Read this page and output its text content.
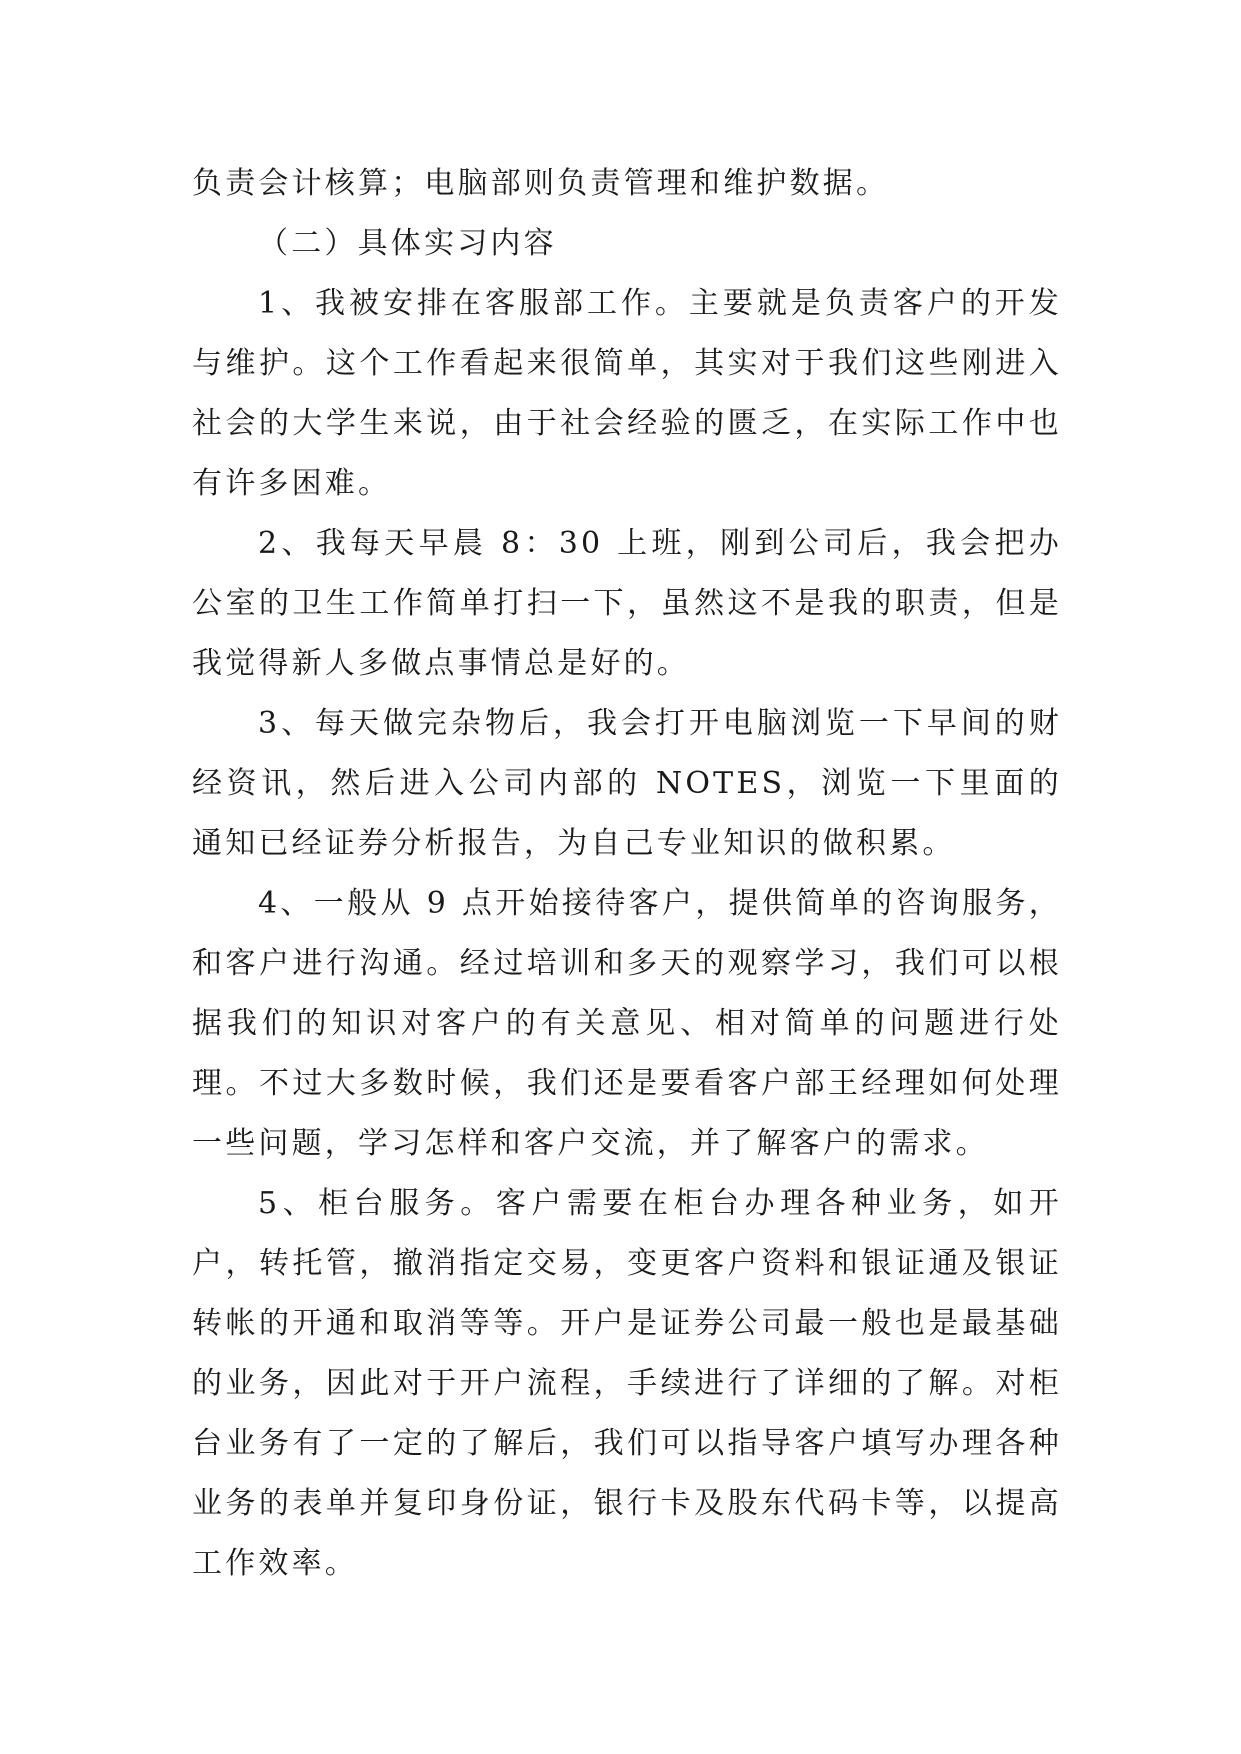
负责会计核算；电脑部则负责管理和维护数据。

（二）具体实习内容

1、我被安排在客服部工作。主要就是负责客户的开发与维护。这个工作看起来很简单，其实对于我们这些刚进入社会的大学生来说，由于社会经验的匮乏，在实际工作中也有许多困难。

2、我每天早晨 8：30 上班，刚到公司后，我会把办公室的卫生工作简单打扫一下，虽然这不是我的职责，但是我觉得新人多做点事情总是好的。

3、每天做完杂物后，我会打开电脑浏览一下早间的财经资讯，然后进入公司内部的 NOTES，浏览一下里面的通知已经证券分析报告，为自己专业知识的做积累。

4、一般从 9 点开始接待客户，提供简单的咨询服务，和客户进行沟通。经过培训和多天的观察学习，我们可以根据我们的知识对客户的有关意见、相对简单的问题进行处理。不过大多数时候，我们还是要看客户部王经理如何处理一些问题，学习怎样和客户交流，并了解客户的需求。

5、柜台服务。客户需要在柜台办理各种业务，如开户，转托管，撤消指定交易，变更客户资料和银证通及银证转帐的开通和取消等等。开户是证券公司最一般也是最基础的业务，因此对于开户流程，手续进行了详细的了解。对柜台业务有了一定的了解后，我们可以指导客户填写办理各种业务的表单并复印身份证，银行卡及股东代码卡等，以提高工作效率。
